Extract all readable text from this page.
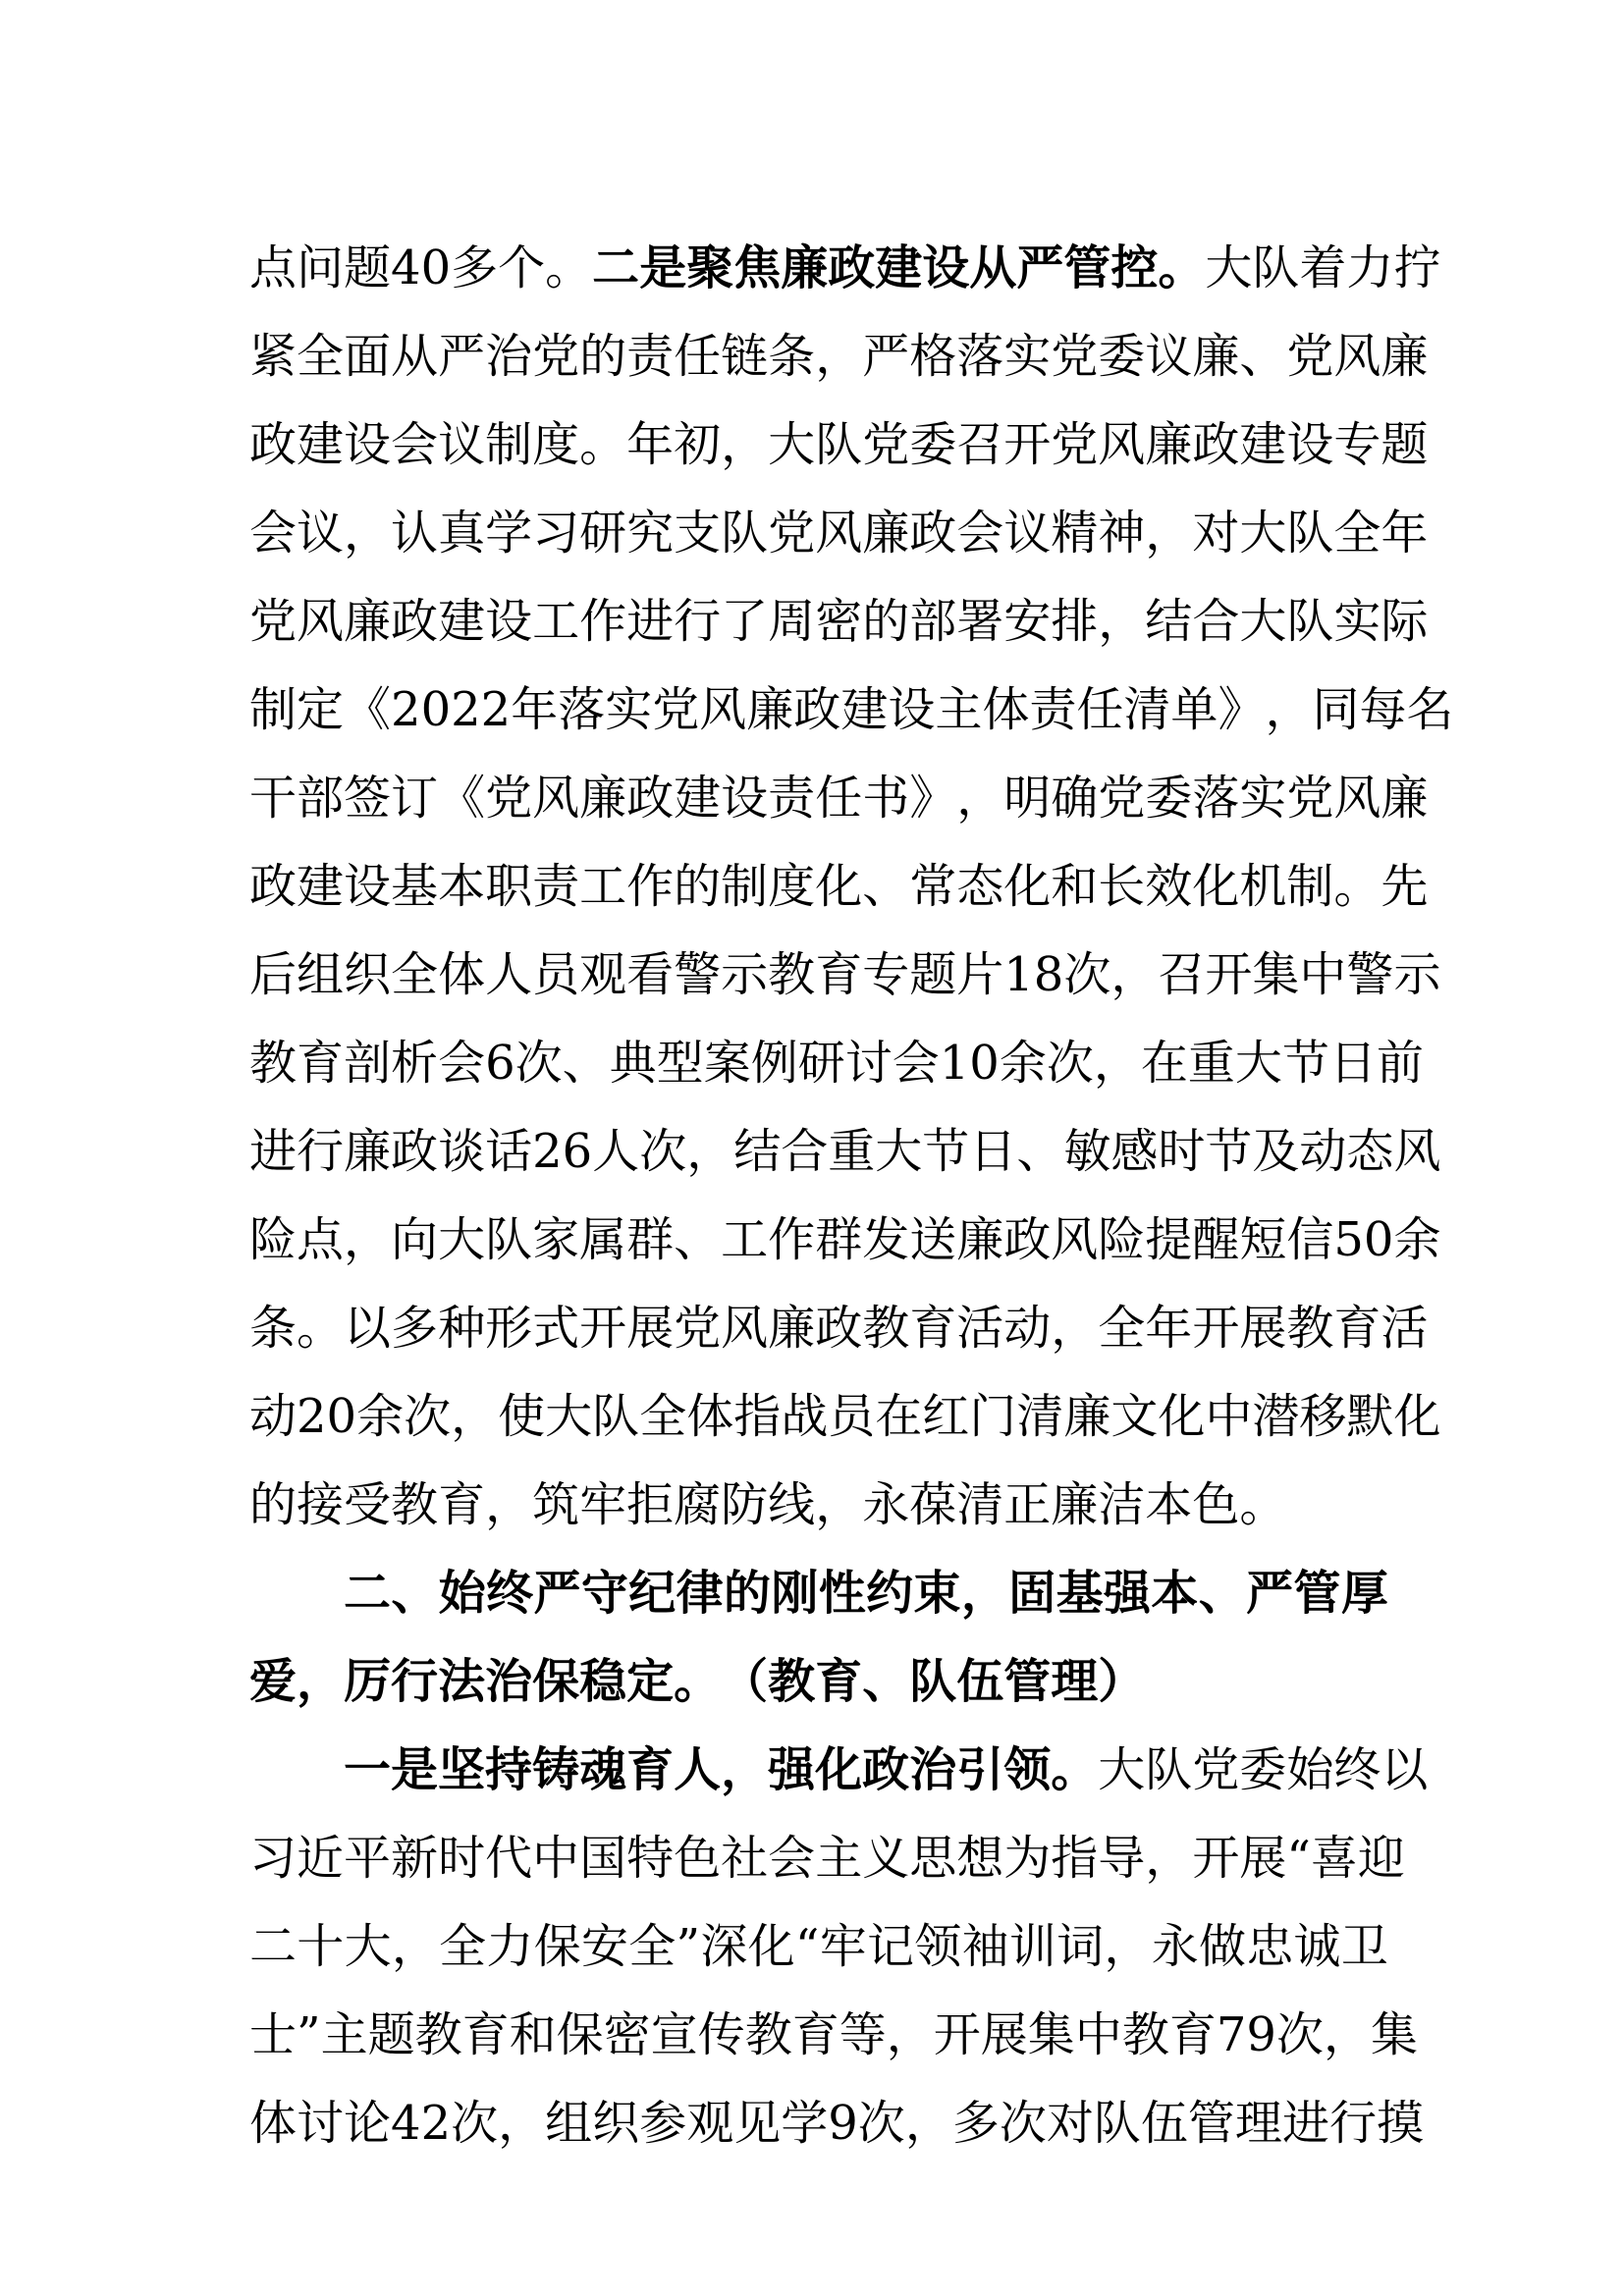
点 问 题 40 多 个 。 二 是 聚 焦 廉 政 建 设 从 严 管 控 。 大 队 着 力 拧
紧 全 面 从 严 治 党 的 责 任 链 条 ， 严 格 落 实 党 委 议 廉 、 党 风 廉
政 建 设 会 议 制 度 。 年 初 ， 大 队 党 委 召 开 党 风 廉 政 建 设 专 题
会 议 ， 认 真 学 习 研 究 支 队 党 风 廉 政 会 议 精 神 ， 对 大 队 全 年
党 风 廉 政 建 设 工 作 进 行 了 周 密 的 部 署 安 排 ， 结 合 大 队 实 际
制 定 《 2022 年 落 实 党 风 廉 政 建 设 主 体 责 任 清 单 》 ， 同 每 名
干 部 签 订 《 党 风 廉 政 建 设 责 任 书 》 ， 明 确 党 委 落 实 党 风 廉
政 建 设 基 本 职 责 工 作 的 制 度 化 、 常 态 化 和 长 效 化 机 制 。 先
后 组 织 全 体 人 员 观 看 警 示 教 育 专 题 片 18 次 ， 召 开 集 中 警 示
教 育 剖 析 会 6 次 、 典 型 案 例 研 讨 会 10 余 次 ， 在 重 大 节 日 前
进 行 廉 政 谈 话 26 人 次 ， 结 合 重 大 节 日 、 敏 感 时 节 及 动 态 风
险 点 ， 向 大 队 家 属 群 、 工 作 群 发 送 廉 政 风 险 提 醒 短 信 50 余
条 。 以 多 种 形 式 开 展 党 风 廉 政 教 育 活 动 ， 全 年 开 展 教 育 活
动 20 余 次 ， 使 大 队 全 体 指 战 员 在 红 门 清 廉 文 化 中 潜 移 默 化
的 接 受 教 育 ， 筑 牢 拒 腐 防 线 ， 永 葆 清 正 廉 洁 本 色 。
二 、 始 终 严 守 纪 律 的 刚 性 约 束 ， 固 基 强 本 、 严 管 厚
爱 ， 厉 行 法 治 保 稳 定 。 （ 教 育 、 队 伍 管 理 ）
一 是 坚 持 铸 魂 育 人 ， 强 化 政 治 引 领 。 大 队 党 委 始 终 以
习 近 平 新 时 代 中 国 特 色 社 会 主 义 思 想 为 指 导 ， 开 展 “ 喜 迎
二 十 大 ， 全 力 保 安 全 ” 深 化 “ 牢 记 领 袖 训 词 ， 永 做 忠 诚 卫
士 ” 主 题 教 育 和 保 密 宣 传 教 育 等 ， 开 展 集 中 教 育 79 次 ， 集
体 讨 论 42 次 ， 组 织 参 观 见 学 9 次 ， 多 次 对 队 伍 管 理 进 行 摸
